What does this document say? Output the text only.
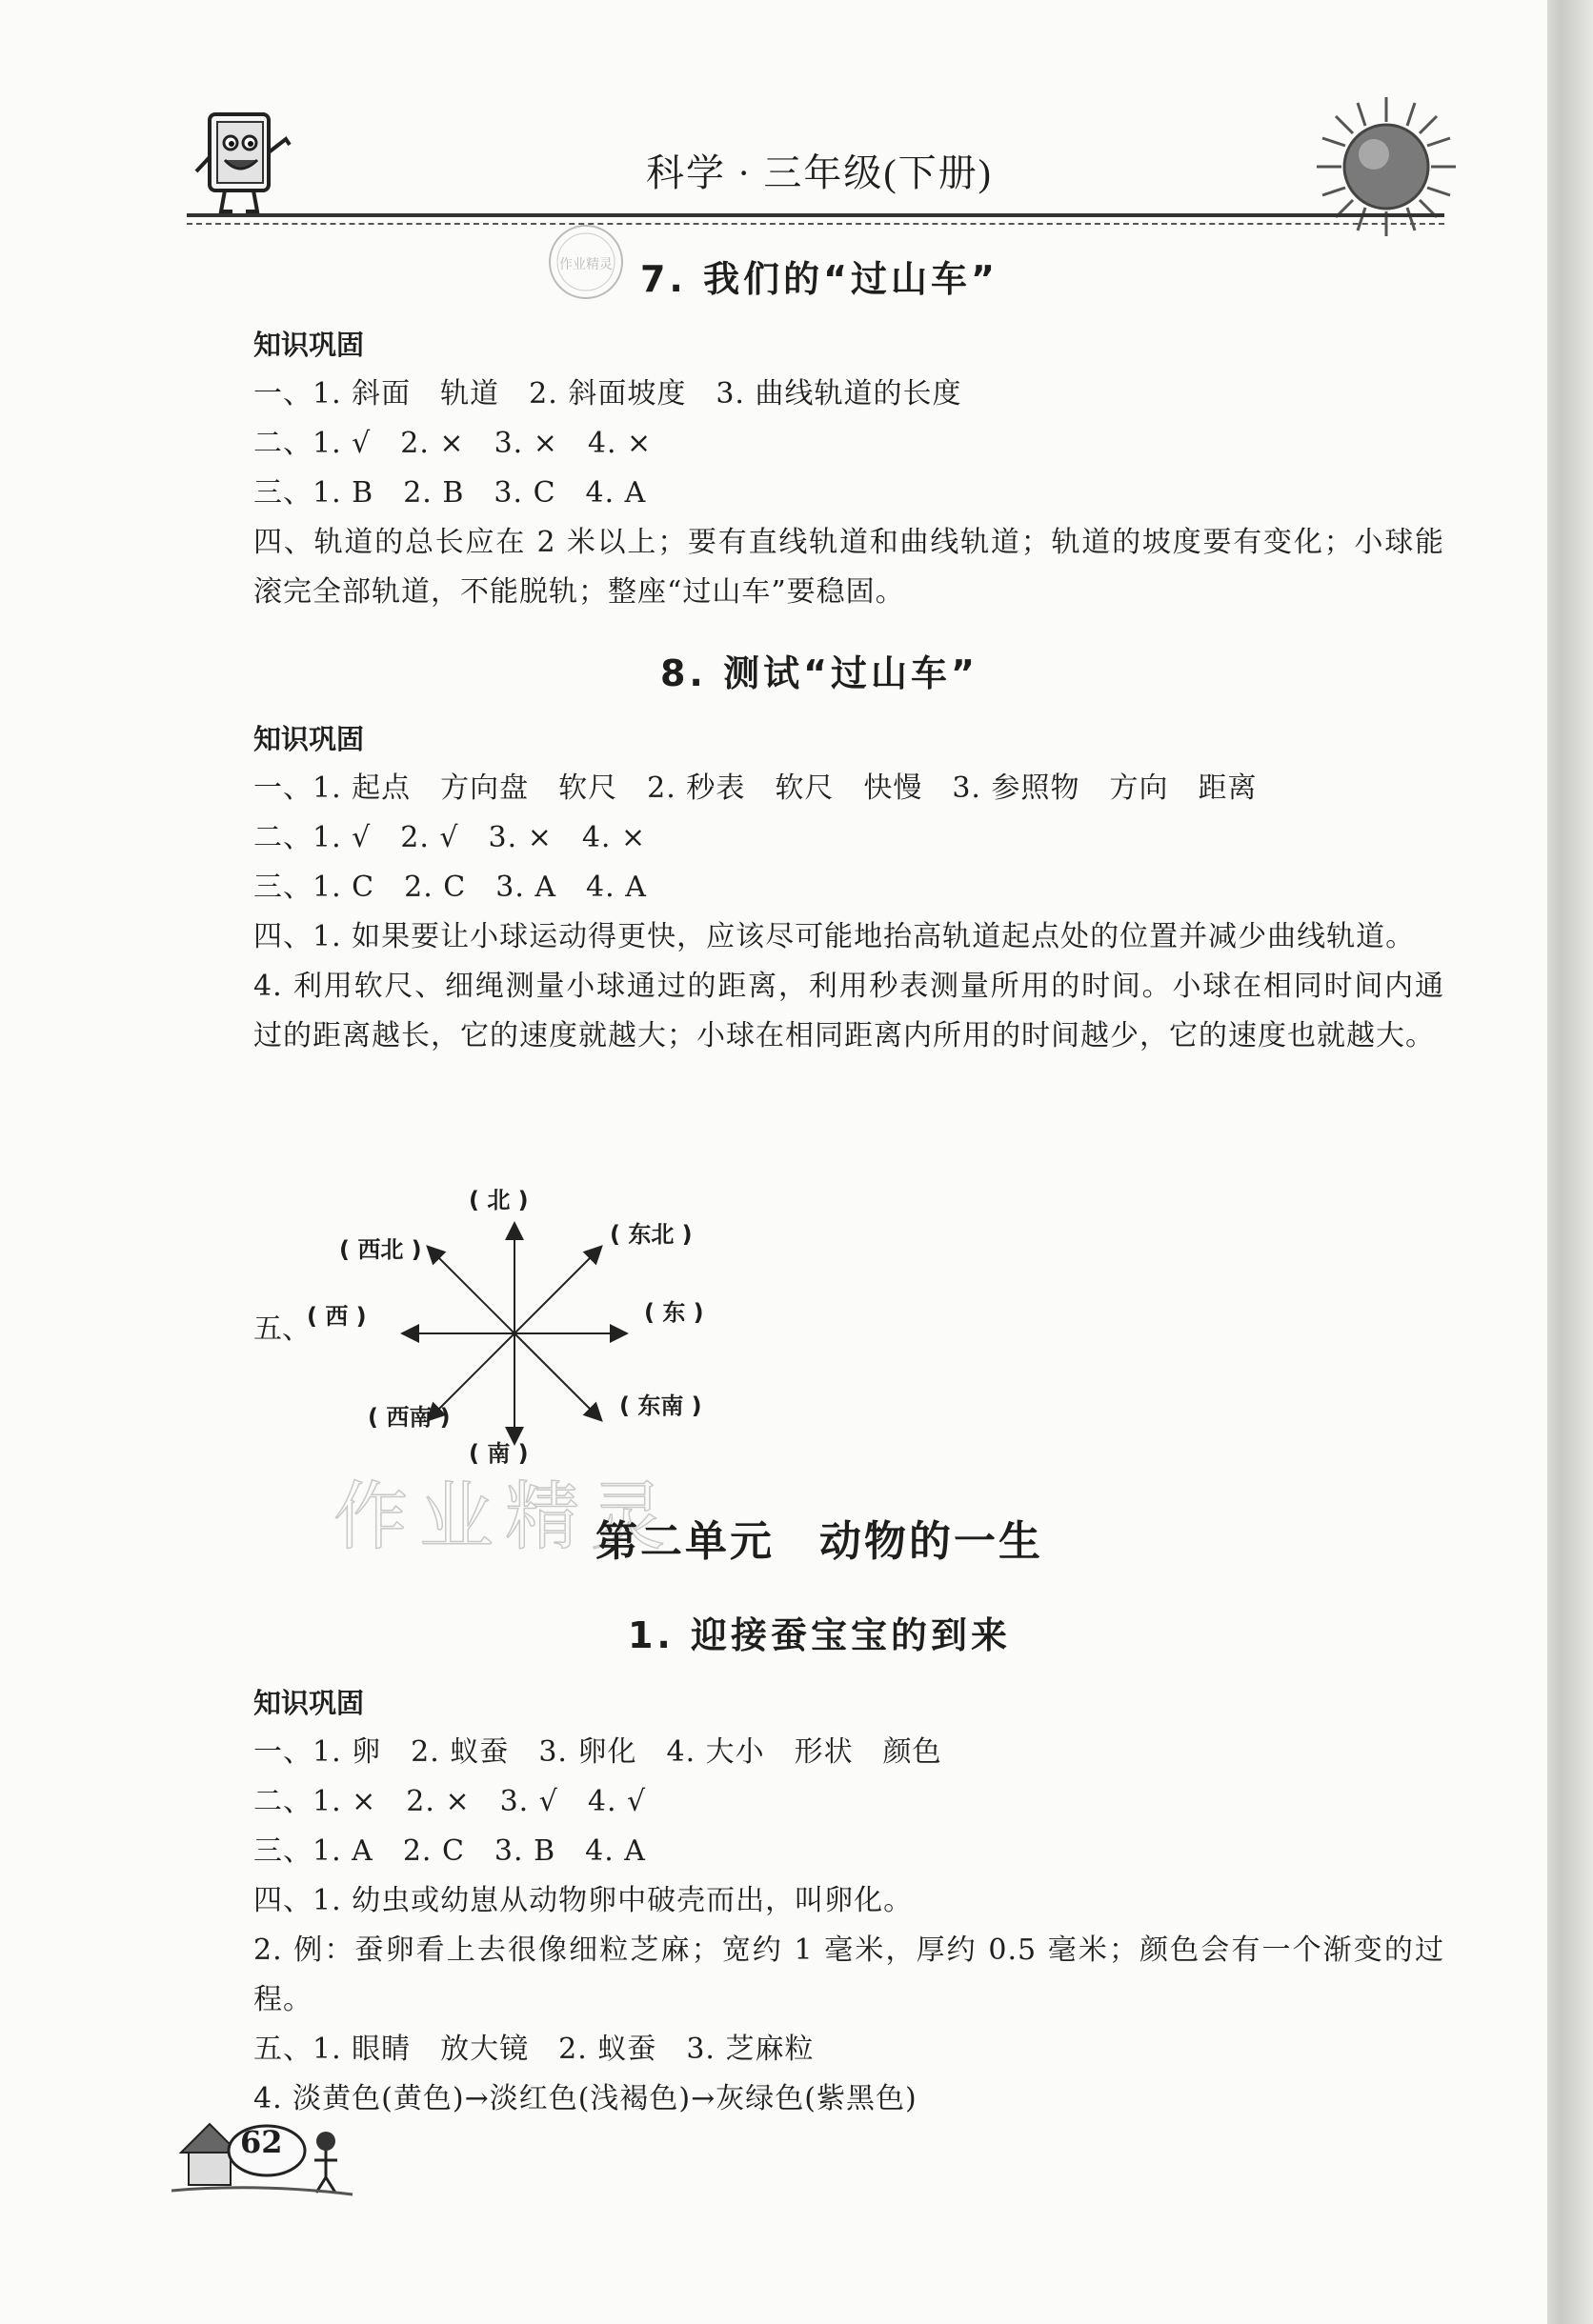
科学 · 三年级(下册)
作业精灵 7. 我们的“过山车”
知识巩固

一、1. 斜面　轨道　2. 斜面坡度　3. 曲线轨道的长度

二、1. √　2. ×　3. ×　4. ×

三、1. B　2. B　3. C　4. A

四、轨道的总长应在 2 米以上；要有直线轨道和曲线轨道；轨道的坡度要有变化；小球能滚完全部轨道，不能脱轨；整座“过山车”要稳固。

8. 测试“过山车”
知识巩固

一、1. 起点　方向盘　软尺　2. 秒表　软尺　快慢　3. 参照物　方向　距离

二、1. √　2. √　3. ×　4. ×

三、1. C　2. C　3. A　4. A

四、1. 如果要让小球运动得更快，应该尽可能地抬高轨道起点处的位置并减少曲线轨道。

4. 利用软尺、细绳测量小球通过的距离，利用秒表测量所用的时间。小球在相同时间内通过的距离越长，它的速度就越大；小球在相同距离内所用的时间越少，它的速度也就越大。

五、
( 北 )
( 东北 )
( 东 )
( 东南 )
( 南 )
( 西南 )
( 西 )
( 西北 )
作业精灵
第二单元　动物的一生
1. 迎接蚕宝宝的到来
知识巩固

一、1. 卵　2. 蚁蚕　3. 卵化　4. 大小　形状　颜色

二、1. ×　2. ×　3. √　4. √

三、1. A　2. C　3. B　4. A

四、1. 幼虫或幼崽从动物卵中破壳而出，叫卵化。

2. 例：蚕卵看上去很像细粒芝麻；宽约 1 毫米，厚约 0.5 毫米；颜色会有一个渐变的过程。

五、1. 眼睛　放大镜　2. 蚁蚕　3. 芝麻粒

4. 淡黄色(黄色)→淡红色(浅褐色)→灰绿色(紫黑色)

62
